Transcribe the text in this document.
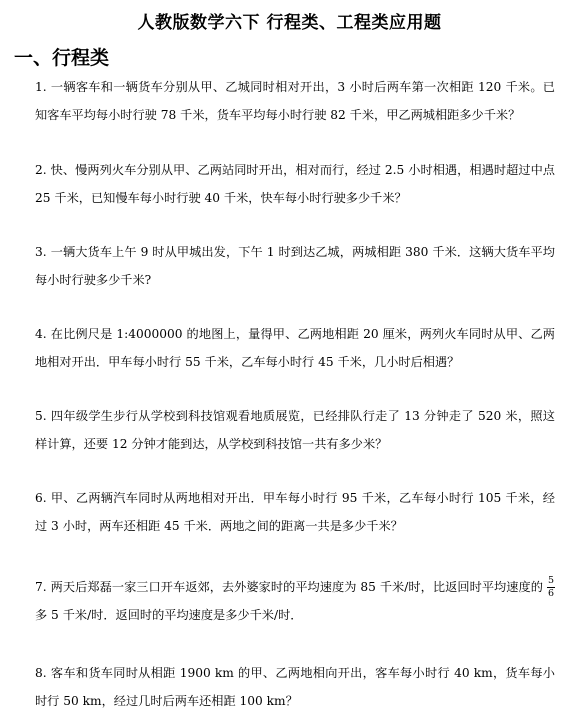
人教版数学六下 行程类、工程类应用题
一、行程类
1. 一辆客车和一辆货车分别从甲、乙城同时相对开出，3 小时后两车第一次相距 120 千米。已知客车平均每小时行驶 78 千米，货车平均每小时行驶 82 千米，甲乙两城相距多少千米？
2. 快、慢两列火车分别从甲、乙两站同时开出，相对而行，经过 2.5 小时相遇，相遇时超过中点 25 千米，已知慢车每小时行驶 40 千米，快车每小时行驶多少千米？
3. 一辆大货车上午 9 时从甲城出发，下午 1 时到达乙城，两城相距 380 千米．这辆大货车平均每小时行驶多少千米?
4. 在比例尺是 1:4000000 的地图上，量得甲、乙两地相距 20 厘米，两列火车同时从甲、乙两地相对开出．甲车每小时行 55 千米，乙车每小时行 45 千米，几小时后相遇？
5. 四年级学生步行从学校到科技馆观看地质展览，已经排队行走了 13 分钟走了 520 米，照这样计算，还要 12 分钟才能到达，从学校到科技馆一共有多少米？
6. 甲、乙两辆汽车同时从两地相对开出．甲车每小时行 95 千米，乙车每小时行 105 千米，经过 3 小时，两车还相距 45 千米．两地之间的距离一共是多少千米？
7. 两天后郑磊一家三口开车返郊，去外婆家时的平均速度为 85 千米/时，比返回时平均速度的 $\frac{5}{6}$
多 5 千米/时．返回时的平均速度是多少千米/时．
8. 客车和货车同时从相距 1900 km 的甲、乙两地相向开出，客车每小时行 40 km，货车每小时行 50 km，经过几时后两车还相距 100 km？
